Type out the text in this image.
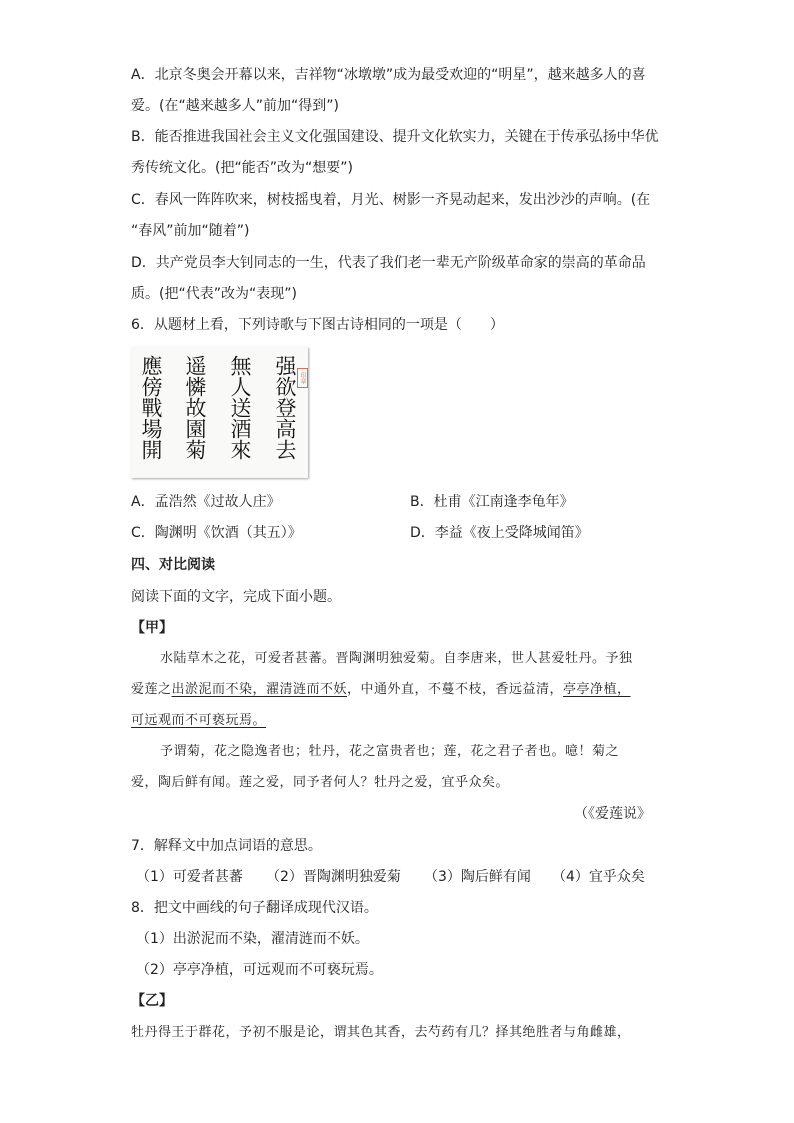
A．北京冬奥会开幕以来，吉祥物“冰墩墩”成为最受欢迎的“明星”，越来越多人的喜
爱。(在“越来越多人”前加“得到”)
B．能否推进我国社会主义文化强国建设、提升文化软实力，关键在于传承弘扬中华优
秀传统文化。(把“能否”改为“想要”)
C．春风一阵阵吹来，树枝摇曳着，月光、树影一齐晃动起来，发出沙沙的声响。(在
“春风”前加“随着”)
D．共产党员李大钊同志的一生，代表了我们老一辈无产阶级革命家的崇高的革命品
质。(把“代表”改为“表现”)
6．从题材上看，下列诗歌与下图古诗相同的一项是（　　）
强欲登高去 印章
無人送酒來
遥憐故園菊
應傍戰場開
A．孟浩然《过故人庄》	B．杜甫《江南逢李龟年》
C．陶渊明《饮酒（其五）》	D．李益《夜上受降城闻笛》
四、对比阅读
阅读下面的文字，完成下面小题。
【甲】
水陆草木之花，可爱者甚蕃。晋陶渊明独爱菊。自李唐来，世人甚爱牡丹。予独
爱莲之出淤泥而不染，濯清涟而不妖，中通外直，不蔓不枝，香远益清，亭亭净植，
可远观而不可亵玩焉。
予谓菊，花之隐逸者也；牡丹，花之富贵者也；莲，花之君子者也。噫！菊之
爱，陶后鲜有闻。莲之爱，同予者何人？牡丹之爱，宜乎众矣。
（《爱莲说》
7．解释文中加点词语的意思。
（1）可爱者甚蕃 （2）晋陶渊明独爱菊 （3）陶后鲜有闻 （4）宜乎众矣
8．把文中画线的句子翻译成现代汉语。
（1）出淤泥而不染，濯清涟而不妖。
（2）亭亭净植，可远观而不可亵玩焉。
【乙】
牡丹得王于群花，予初不服是论，谓其色其香，去芍药有几？择其绝胜者与角雌雄，
